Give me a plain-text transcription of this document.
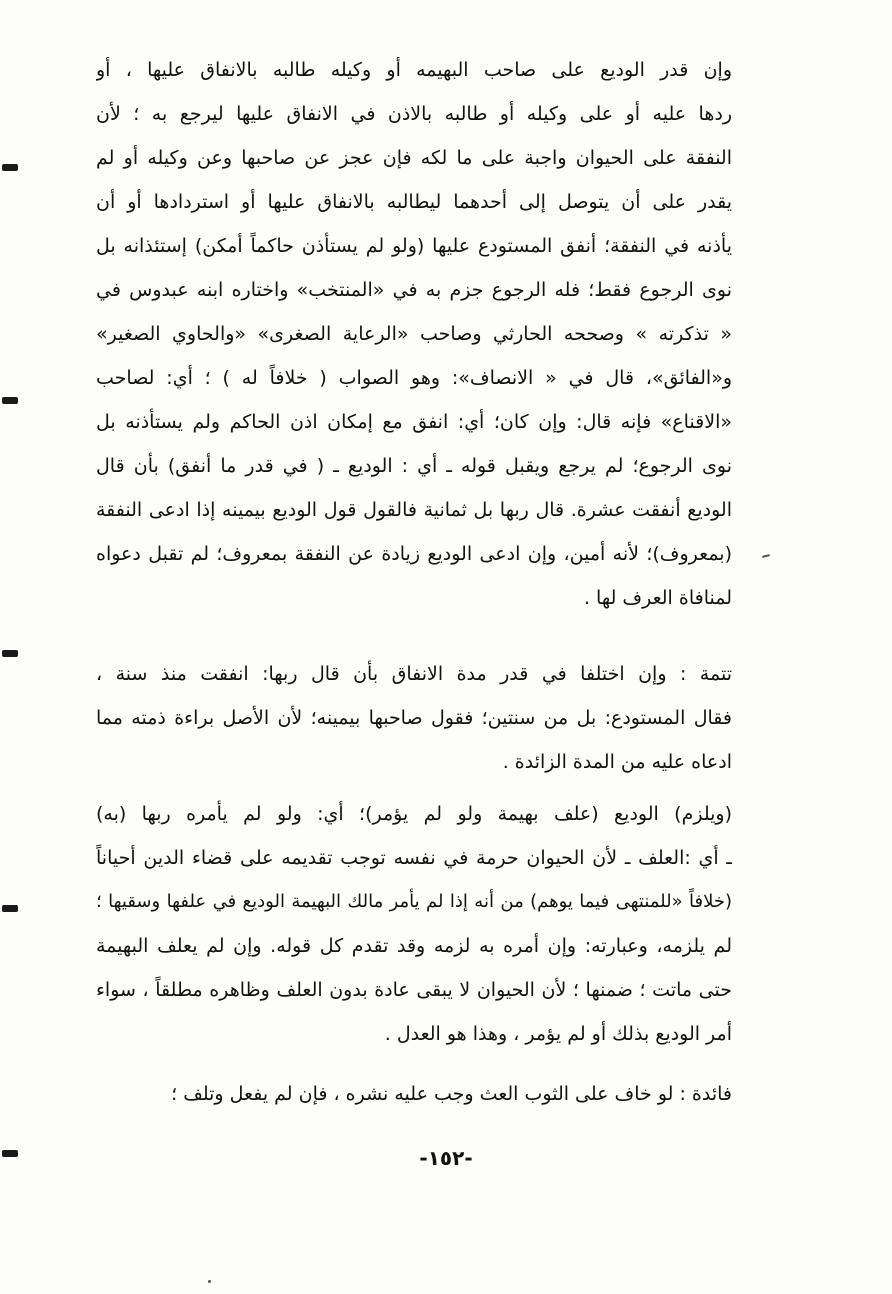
وإن قدر الوديع على صاحب البهيمه أو وكيله طالبه بالانفاق عليها ، أو
ردها عليه أو على وكيله أو طالبه بالاذن في الانفاق عليها ليرجع به ؛ لأن
النفقة على الحيوان واجبة على ما لكه فإن عجز عن صاحبها وعن وكيله أو لم
يقدر على أن يتوصل إلى أحدهما ليطالبه بالانفاق عليها أو استردادها أو أن
يأذنه في النفقة؛ أنفق المستودع عليها (ولو لم يستأذن حاكماً أمكن) إستئذانه بل
نوى الرجوع فقط؛ فله الرجوع جزم به في «المنتخب» واختاره ابنه عبدوس في
« تذكرته » وصححه الحارثي وصاحب «الرعاية الصغرى» «والحاوي الصغير»
و«الفائق»، قال في « الانصاف»: وهو الصواب ( خلافاً له ) ؛ أي: لصاحب
«الاقناع» فإنه قال: وإن كان؛ أي: انفق مع إمكان اذن الحاكم ولم يستأذنه بل
نوى الرجوع؛ لم يرجع ويقبل قوله ـ أي : الوديع ـ ( في قدر ما أنفق) بأن قال
الوديع أنفقت عشرة. قال ربها بل ثمانية فالقول قول الوديع بيمينه إذا ادعى النفقة
(بمعروف)؛ لأنه أمين، وإن ادعى الوديع زيادة عن النفقة بمعروف؛ لم تقبل دعواه
لمنافاة العرف لها .
تتمة : وإن اختلفا في قدر مدة الانفاق بأن قال ربها: انفقت منذ سنة ،
فقال المستودع: بل من سنتين؛ فقول صاحبها بيمينه؛ لأن الأصل براءة ذمته مما
ادعاه عليه من المدة الزائدة .
(ويلزم) الوديع (علف بهيمة ولو لم يؤمر)؛ أي: ولو لم يأمره ربها (به)
ـ أي :العلف ـ لأن الحيوان حرمة في نفسه توجب تقديمه على قضاء الدين أحياناً
(خلافاً «للمنتهى فيما يوهم) من أنه إذا لم يأمر مالك البهيمة الوديع في علفها وسقيها ؛
لم يلزمه، وعبارته: وإن أمره به لزمه وقد تقدم كل قوله. وإن لم يعلف البهيمة
حتى ماتت ؛ ضمنها ؛ لأن الحيوان لا يبقى عادة بدون العلف وظاهره مطلقاً ، سواء
أمر الوديع بذلك أو لم يؤمر ، وهذا هو العدل .
فائدة : لو خاف على الثوب العث وجب عليه نشره ، فإن لم يفعل وتلف ؛
-١٥٢-
